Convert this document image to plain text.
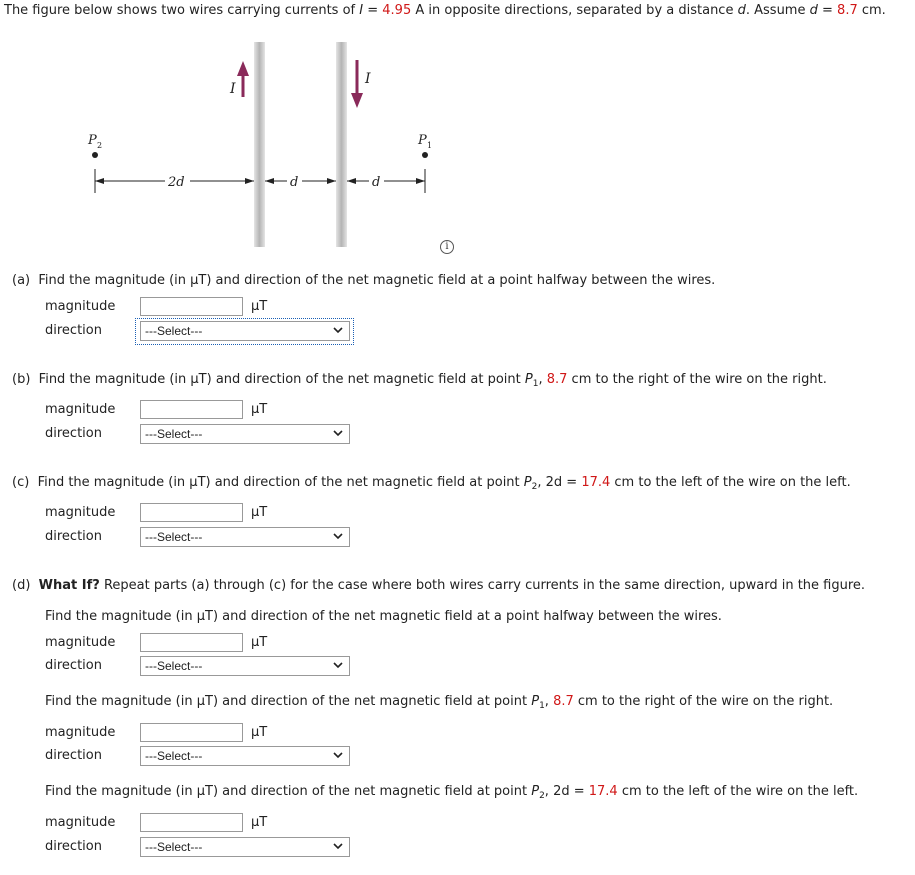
The figure below shows two wires carrying currents of I = 4.95 A in opposite directions, separated by a distance d. Assume d = 8.7 cm.
I
I
P 2	P 1
2d	d	d
i
(a) Find the magnitude (in µT) and direction of the net magnetic field at a point halfway between the wires.
magnitude	µT
direction	---Select---
(b) Find the magnitude (in µT) and direction of the net magnetic field at point $P_1$, 8.7 cm to the right of the wire on the right.
magnitude	µT
direction	---Select---
(c) Find the magnitude (in µT) and direction of the net magnetic field at point $P_2$, 2d = 17.4 cm to the left of the wire on the left.
magnitude	µT
direction	---Select---
(d) What If? Repeat parts (a) through (c) for the case where both wires carry currents in the same direction, upward in the figure.
Find the magnitude (in µT) and direction of the net magnetic field at a point halfway between the wires.
magnitude	µT
direction	---Select---
Find the magnitude (in µT) and direction of the net magnetic field at point $P_1$, 8.7 cm to the right of the wire on the right.
magnitude	µT
direction	---Select---
Find the magnitude (in µT) and direction of the net magnetic field at point $P_2$, 2d = 17.4 cm to the left of the wire on the left.
magnitude	µT
direction	---Select---
